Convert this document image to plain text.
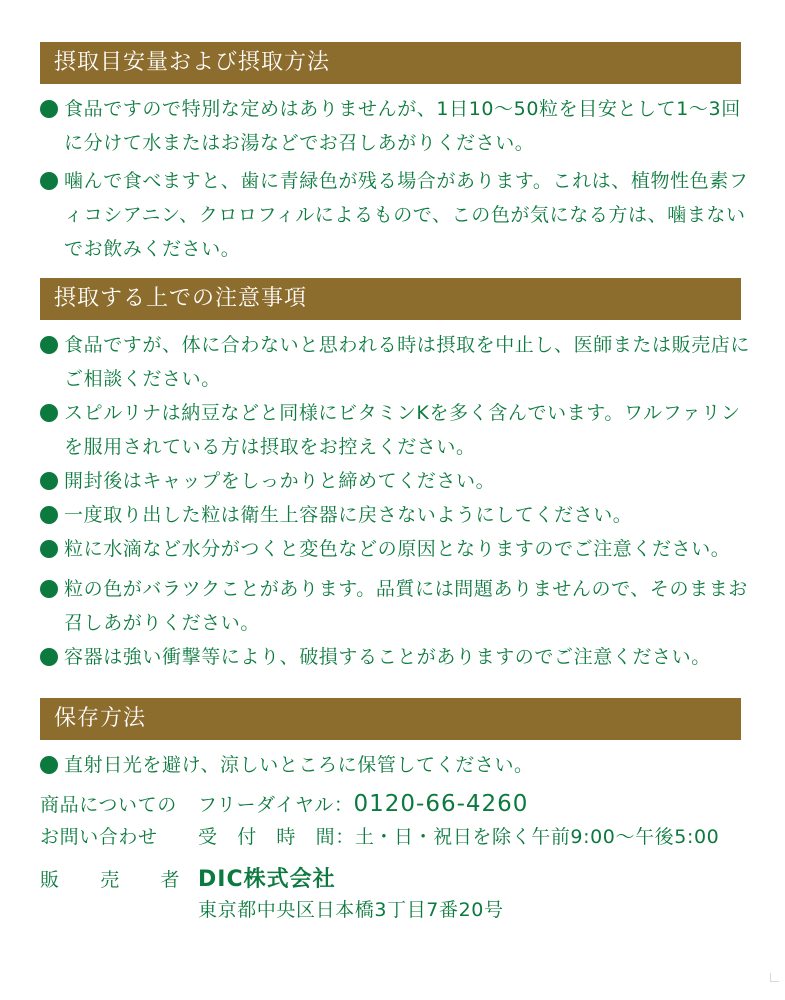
摂取目安量および摂取方法
食品ですので特別な定めはありませんが、1日10〜50粒を目安として1〜3回に分けて水またはお湯などでお召しあがりください。
噛んで食べますと、歯に青緑色が残る場合があります。これは、植物性色素フィコシアニン、クロロフィルによるもので、この色が気になる方は、噛まないでお飲みください。
摂取する上での注意事項
食品ですが、体に合わないと思われる時は摂取を中止し、医師または販売店にご相談ください。
スピルリナは納豆などと同様にビタミンKを多く含んでいます。ワルファリンを服用されている方は摂取をお控えください。
開封後はキャップをしっかりと締めてください。
一度取り出した粒は衛生上容器に戻さないようにしてください。
粒に水滴など水分がつくと変色などの原因となりますのでご注意ください。
粒の色がバラツクことがあります。品質には問題ありませんので、そのままお召しあがりください。
容器は強い衝撃等により、破損することがありますのでご注意ください。
保存方法
直射日光を避け、涼しいところに保管してください。
商品についての	フリーダイヤル： 0120-66-4260
お問い合わせ	受　付　時　間： 土・日・祝日を除く午前9:00〜午後5:00
販 売 者 DIC株式会社
東京都中央区日本橋3丁目7番20号
